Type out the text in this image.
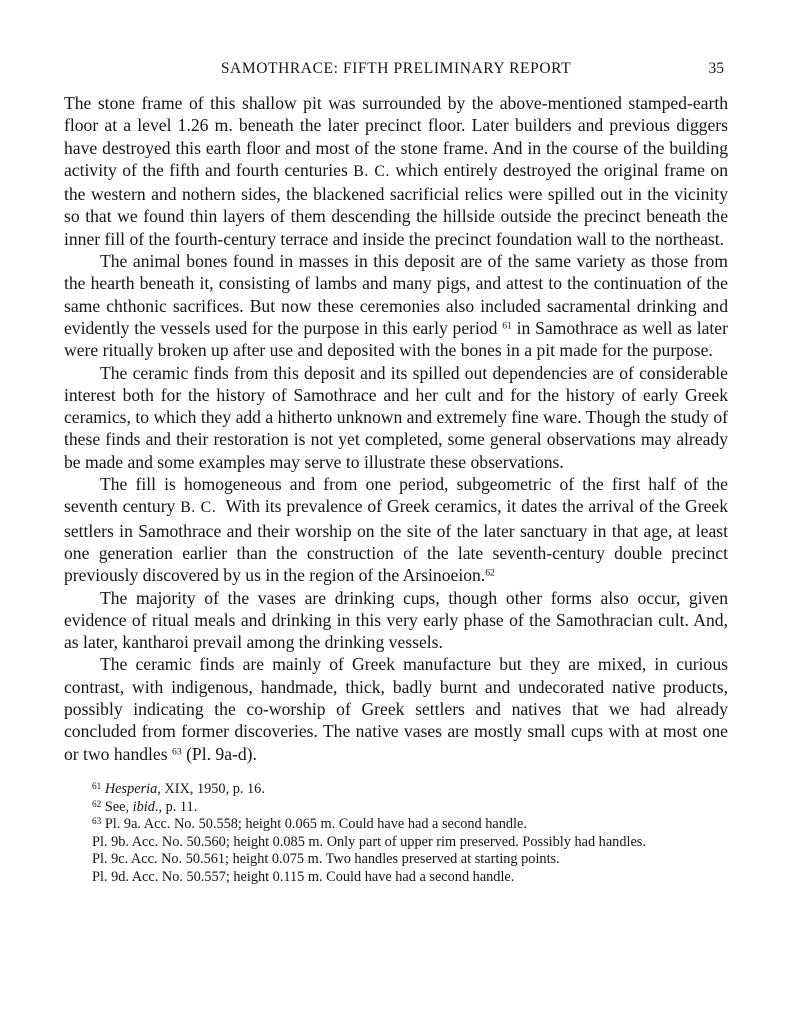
SAMOTHRACE: FIFTH PRELIMINARY REPORT	35

The stone frame of this shallow pit was surrounded by the above-mentioned stamped-earth floor at a level 1.26 m. beneath the later precinct floor. Later builders and previous diggers have destroyed this earth floor and most of the stone frame. And in the course of the building activity of the fifth and fourth centuries B. C. which entirely destroyed the original frame on the western and nothern sides, the blackened sacrificial relics were spilled out in the vicinity so that we found thin layers of them descending the hillside outside the precinct beneath the inner fill of the fourth-century terrace and inside the precinct foundation wall to the northeast.

The animal bones found in masses in this deposit are of the same variety as those from the hearth beneath it, consisting of lambs and many pigs, and attest to the continuation of the same chthonic sacrifices. But now these ceremonies also included sacramental drinking and evidently the vessels used for the purpose in this early period $^{61}$ in Samothrace as well as later were ritually broken up after use and deposited with the bones in a pit made for the purpose.

The ceramic finds from this deposit and its spilled out dependencies are of considerable interest both for the history of Samothrace and her cult and for the history of early Greek ceramics, to which they add a hitherto unknown and extremely fine ware. Though the study of these finds and their restoration is not yet completed, some general observations may already be made and some examples may serve to illustrate these observations.

The fill is homogeneous and from one period, subgeometric of the first half of the seventh century B. C. With its prevalence of Greek ceramics, it dates the arrival of the Greek settlers in Samothrace and their worship on the site of the later sanctuary in that age, at least one generation earlier than the construction of the late seventh-century double precinct previously discovered by us in the region of the Arsinoeion.$^{62}$

The majority of the vases are drinking cups, though other forms also occur, given evidence of ritual meals and drinking in this very early phase of the Samothracian cult. And, as later, kantharoi prevail among the drinking vessels.

The ceramic finds are mainly of Greek manufacture but they are mixed, in curious contrast, with indigenous, handmade, thick, badly burnt and undecorated native products, possibly indicating the co-worship of Greek settlers and natives that we had already concluded from former discoveries. The native vases are mostly small cups with at most one or two handles $^{63}$ (Pl. 9a-d).

$^{61}$ Hesperia, XIX, 1950, p. 16.

$^{62}$ See, ibid., p. 11.

$^{63}$ Pl. 9a. Acc. No. 50.558; height 0.065 m. Could have had a second handle.

Pl. 9b. Acc. No. 50.560; height 0.085 m. Only part of upper rim preserved. Possibly had handles.

Pl. 9c. Acc. No. 50.561; height 0.075 m. Two handles preserved at starting points.

Pl. 9d. Acc. No. 50.557; height 0.115 m. Could have had a second handle.
